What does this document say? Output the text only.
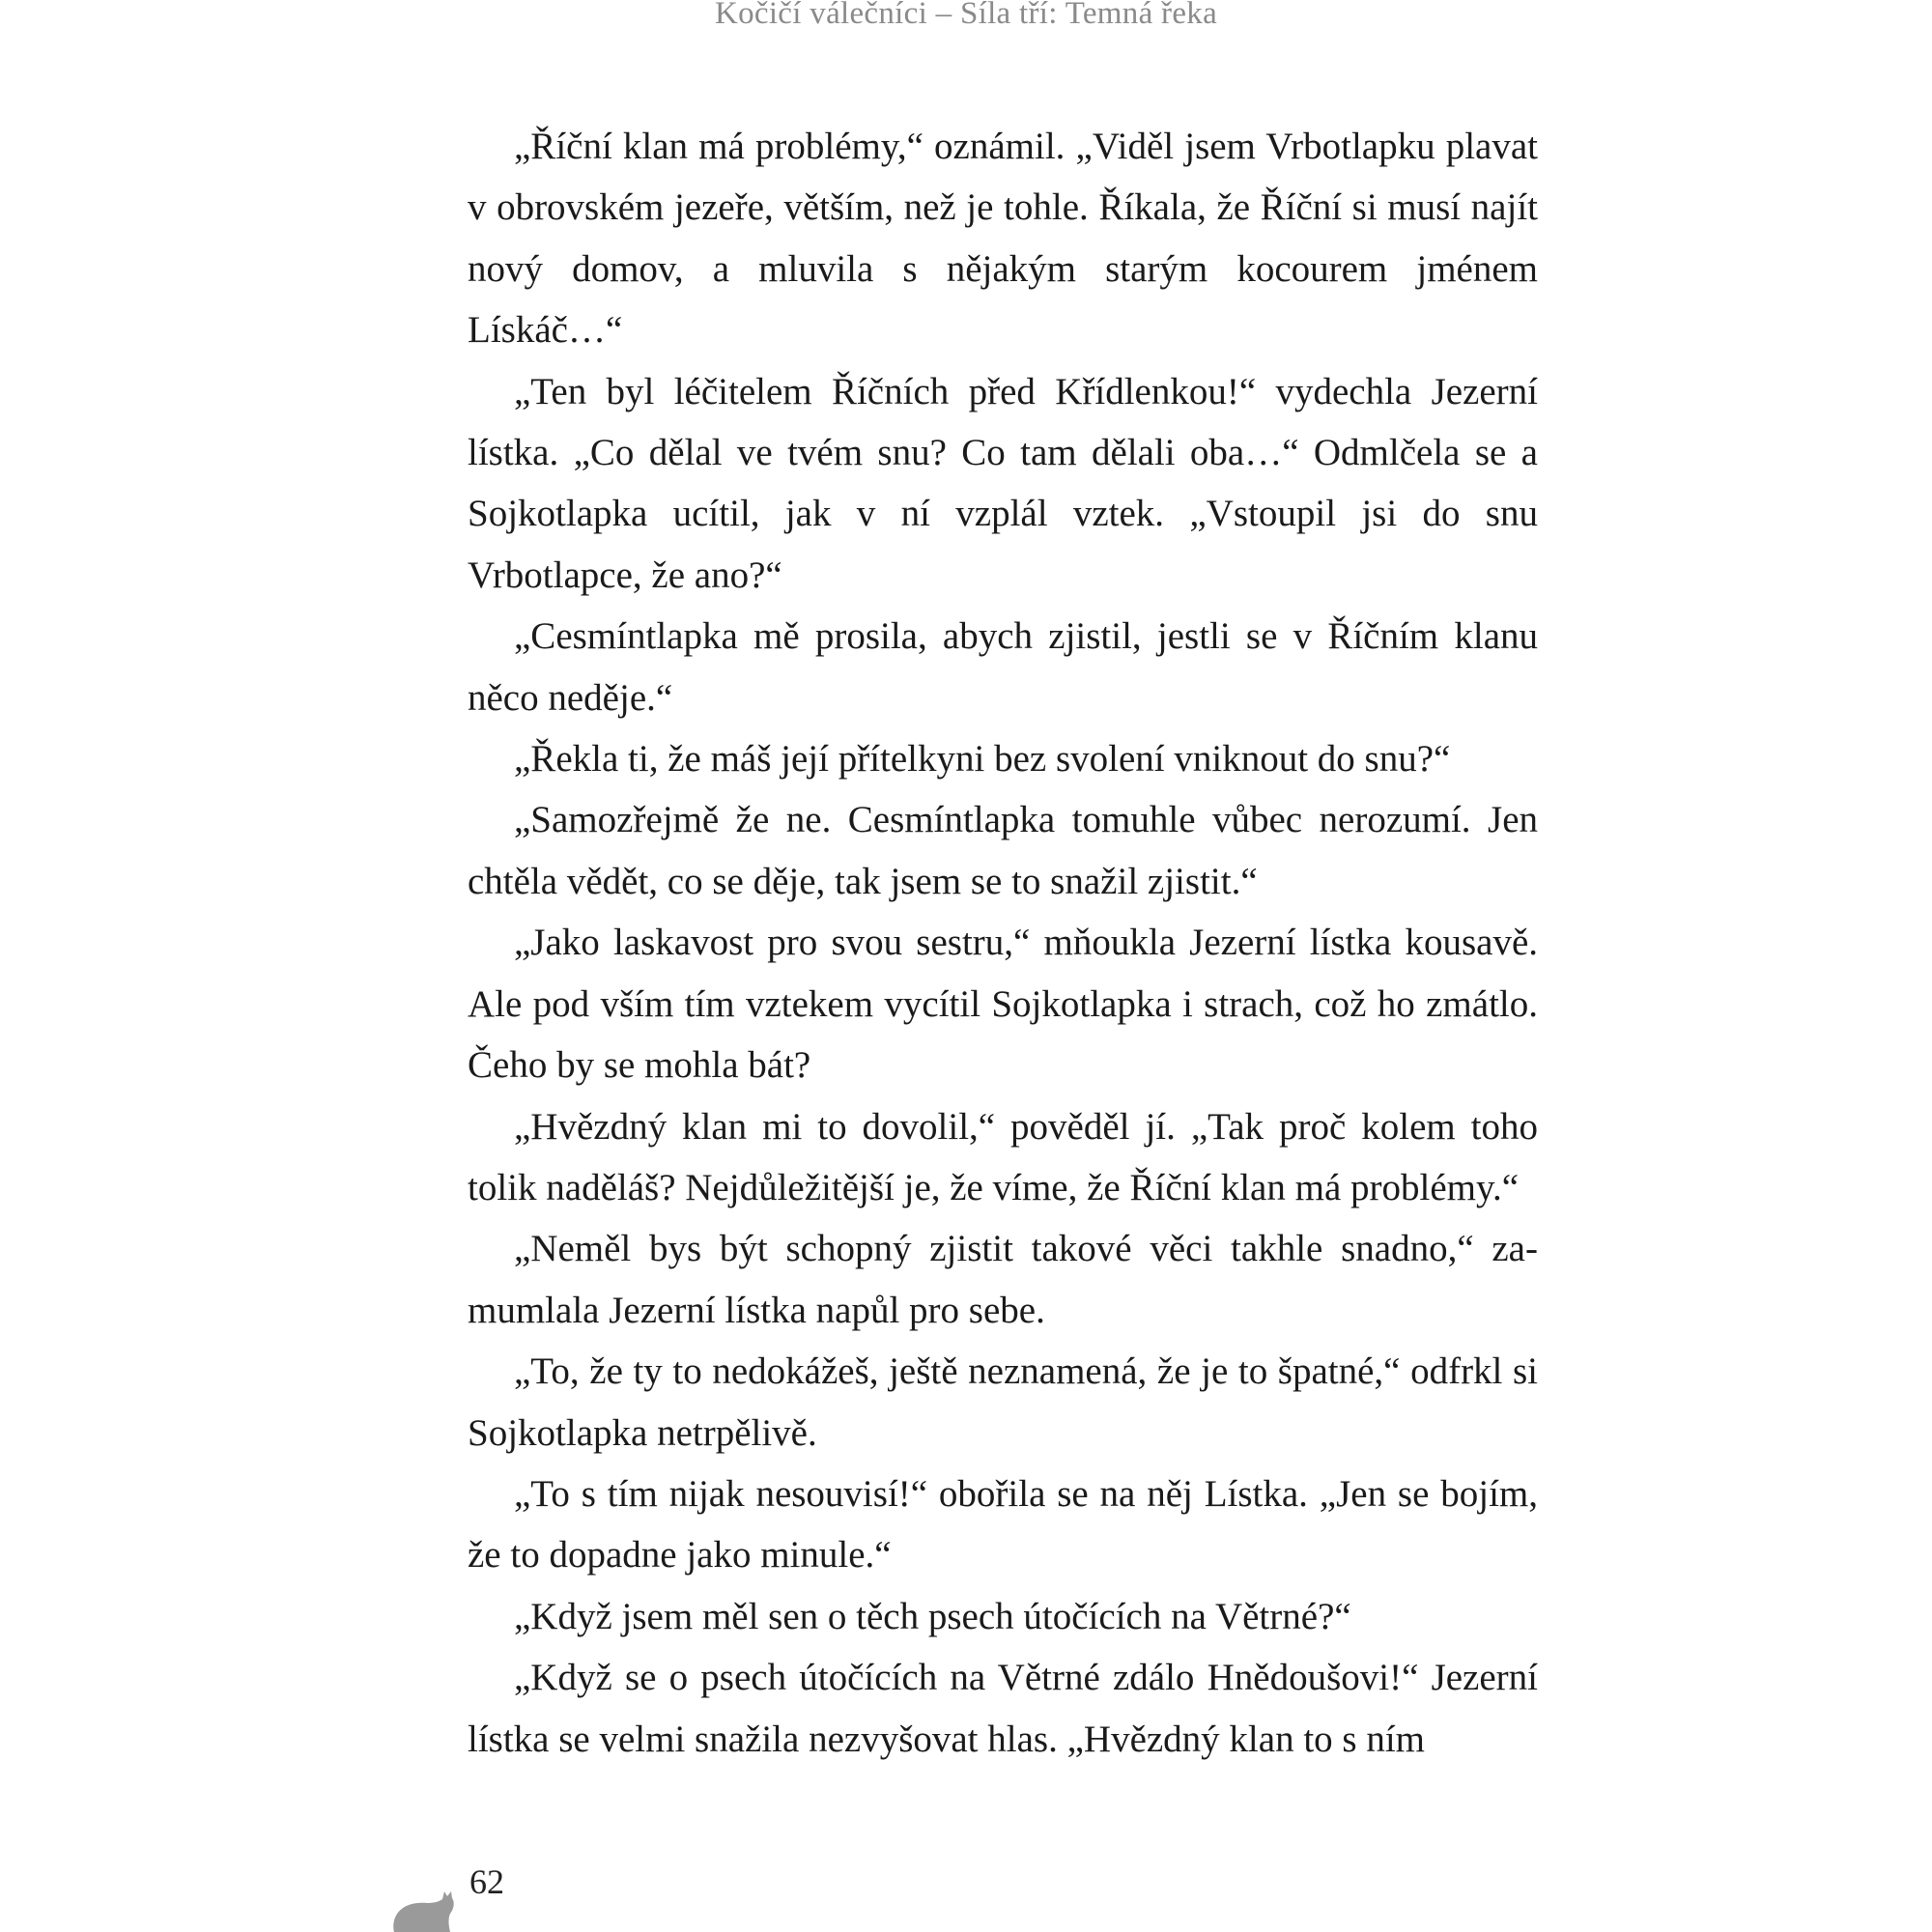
Kočičí válečníci – Síla tří: Temná řeka

„Říční klan má problémy,“ oznámil. „Viděl jsem Vrbotlapku plavat v obrovském jezeře, větším, než je tohle. Říkala, že Říční si musí najít nový domov, a mluvila s nějakým starým kocourem jménem Lískáč…“

„Ten byl léčitelem Říčních před Křídlenkou!“ vydechla Jezerní lístka. „Co dělal ve tvém snu? Co tam dělali oba…“ Odmlčela se a Sojkotlapka ucítil, jak v ní vzplál vztek. „Vstoupil jsi do snu Vrbotlapce, že ano?“

„Cesmíntlapka mě prosila, abych zjistil, jestli se v Říčním klanu něco neděje.“

„Řekla ti, že máš její přítelkyni bez svolení vniknout do snu?“

„Samozřejmě že ne. Cesmíntlapka tomuhle vůbec nerozumí. Jen chtěla vědět, co se děje, tak jsem se to snažil zjistit.“

„Jako laskavost pro svou sestru,“ mňoukla Jezerní lístka kousavě. Ale pod vším tím vztekem vycítil Sojkotlapka i strach, což ho zmátlo. Čeho by se mohla bát?

„Hvězdný klan mi to dovolil,“ pověděl jí. „Tak proč kolem toho tolik naděláš? Nejdůležitější je, že víme, že Říční klan má problémy.“

„Neměl bys být schopný zjistit takové věci takhle snadno,“ zamumlala Jezerní lístka napůl pro sebe.

„To, že ty to nedokážeš, ještě neznamená, že je to špatné,“ odfrkl si Sojkotlapka netrpělivě.

„To s tím nijak nesouvisí!“ obořila se na něj Lístka. „Jen se bojím, že to dopadne jako minule.“

„Když jsem měl sen o těch psech útočících na Větrné?“

„Když se o psech útočících na Větrné zdálo Hnědoušovi!“ Jezerní lístka se velmi snažila nezvyšovat hlas. „Hvězdný klan to s ním

62
